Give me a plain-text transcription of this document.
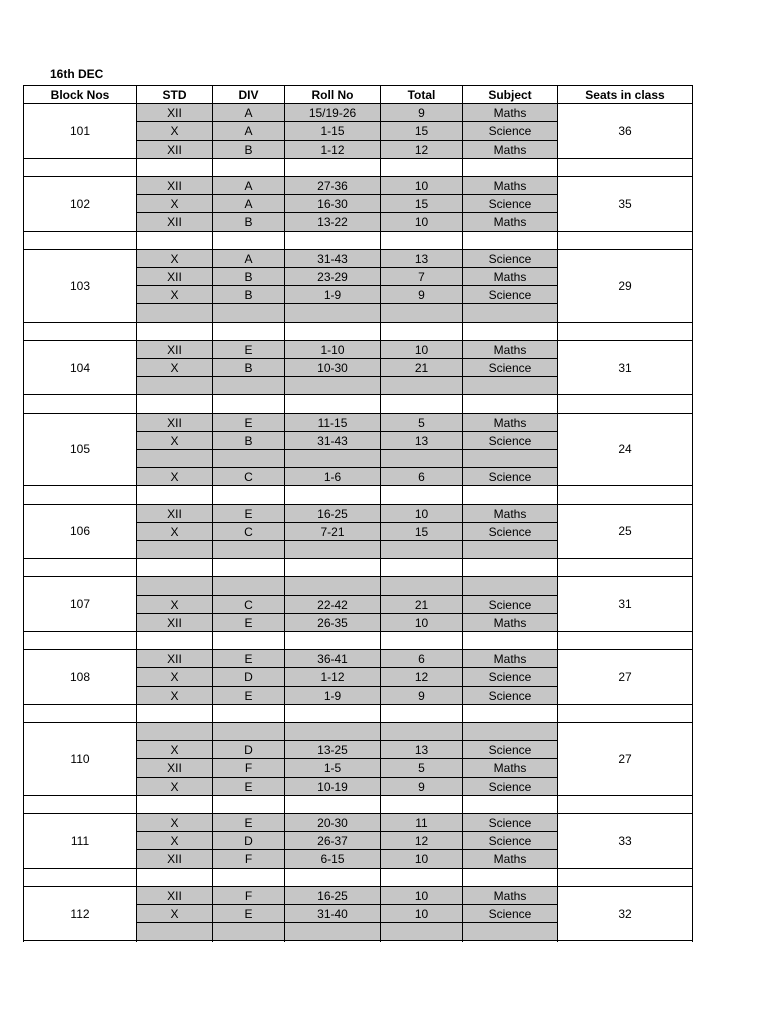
16th DEC
Block Nos	STD	DIV	Roll No	Total	Subject	Seats in class
101	36
XII	A	15/19-26	9	Maths
X	A	1-15	15	Science
XII	B	1-12	12	Maths
102	35
XII	A	27-36	10	Maths
X	A	16-30	15	Science
XII	B	13-22	10	Maths
103	29
X	A	31-43	13	Science
XII	B	23-29	7	Maths
X	B	1-9	9	Science
104	31
XII	E	1-10	10	Maths
X	B	10-30	21	Science
105	24
XII	E	11-15	5	Maths
X	B	31-43	13	Science
X	C	1-6	6	Science
106	25
XII	E	16-25	10	Maths
X	C	7-21	15	Science
107	31
X	C	22-42	21	Science
XII	E	26-35	10	Maths
108	27
XII	E	36-41	6	Maths
X	D	1-12	12	Science
X	E	1-9	9	Science
110	27
X	D	13-25	13	Science
XII	F	1-5	5	Maths
X	E	10-19	9	Science
111	33
X	E	20-30	11	Science
X	D	26-37	12	Science
XII	F	6-15	10	Maths
112	32
XII	F	16-25	10	Maths
X	E	31-40	10	Science
